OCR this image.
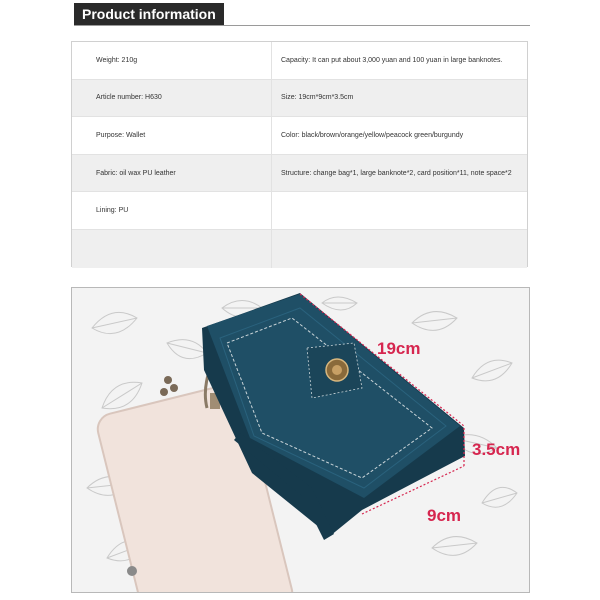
Product information
Weight: 210g	Capacity: It can put about 3,000 yuan and 100 yuan in large banknotes.
Article number: H630	Size: 19cm*9cm*3.5cm
Purpose: Wallet	Color: black/brown/orange/yellow/peacock green/burgundy
Fabric: oil wax PU leather	Structure: change bag*1, large banknote*2, card position*11, note space*2
Lining: PU
19cm
3.5cm
9cm
